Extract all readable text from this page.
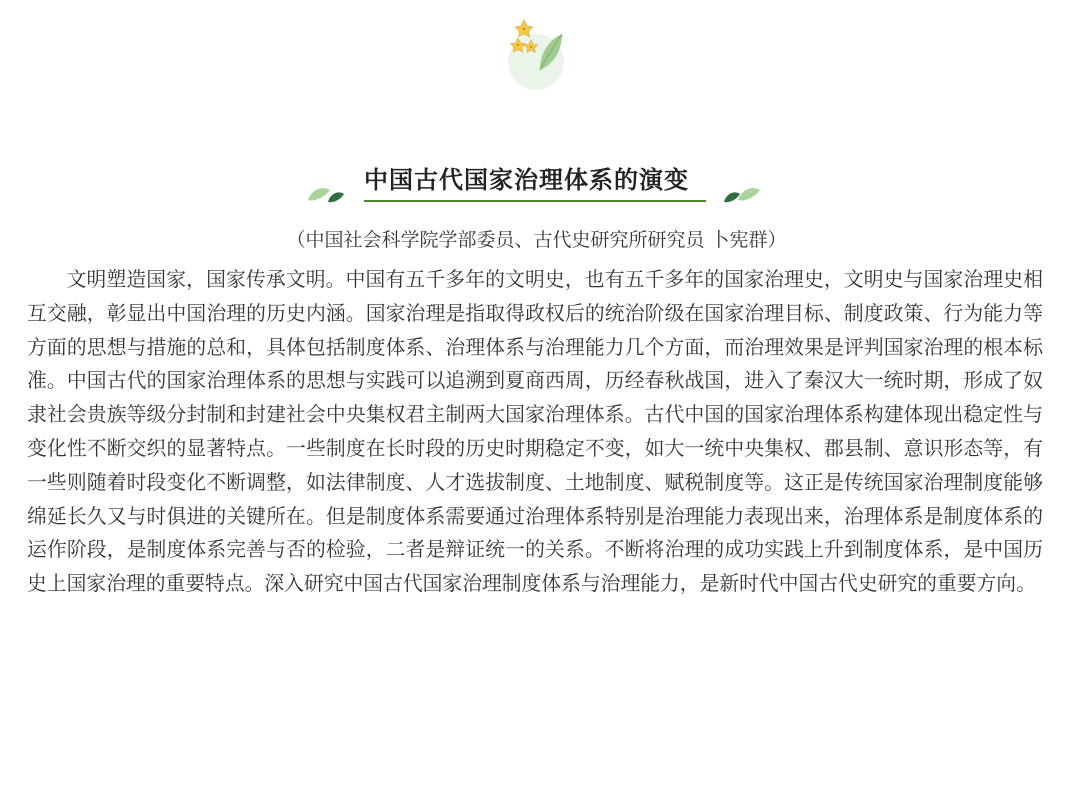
中国古代国家治理体系的演变
（中国社会科学院学部委员、古代史研究所研究员 卜宪群）

文明塑造国家，国家传承文明。中国有五千多年的文明史，也有五千多年的国家治理史，文明史与国家治理史相互交融，彰显出中国治理的历史内涵。国家治理是指取得政权后的统治阶级在国家治理目标、制度政策、行为能力等方面的思想与措施的总和，具体包括制度体系、治理体系与治理能力几个方面，而治理效果是评判国家治理的根本标准。中国古代的国家治理体系的思想与实践可以追溯到夏商西周，历经春秋战国，进入了秦汉大一统时期，形成了奴隶社会贵族等级分封制和封建社会中央集权君主制两大国家治理体系。古代中国的国家治理体系构建体现出稳定性与变化性不断交织的显著特点。一些制度在长时段的历史时期稳定不变，如大一统中央集权、郡县制、意识形态等，有一些则随着时段变化不断调整，如法律制度、人才选拔制度、土地制度、赋税制度等。这正是传统国家治理制度能够绵延长久又与时俱进的关键所在。但是制度体系需要通过治理体系特别是治理能力表现出来，治理体系是制度体系的运作阶段，是制度体系完善与否的检验，二者是辩证统一的关系。不断将治理的成功实践上升到制度体系，是中国历史上国家治理的重要特点。深入研究中国古代国家治理制度体系与治理能力，是新时代中国古代史研究的重要方向。
